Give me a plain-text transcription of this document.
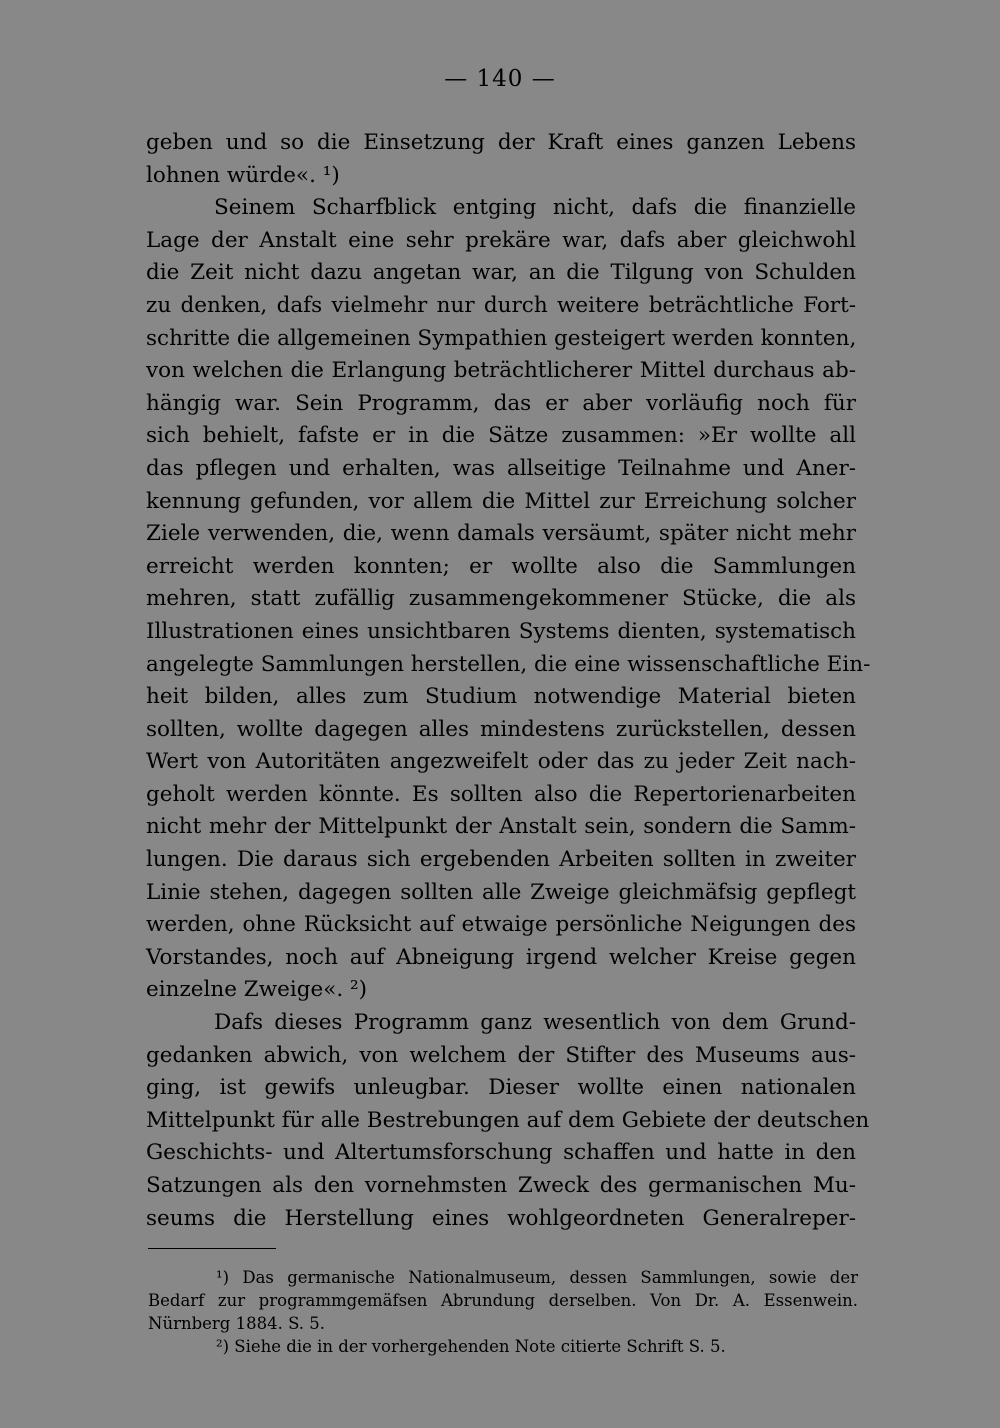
— 140 —
geben und so die Einsetzung der Kraft eines ganzen Lebens
lohnen würde«. ¹)
Seinem Scharfblick entging nicht, dafs die finanzielle
Lage der Anstalt eine sehr prekäre war, dafs aber gleichwohl
die Zeit nicht dazu angetan war, an die Tilgung von Schulden
zu denken, dafs vielmehr nur durch weitere beträchtliche Fort-
schritte die allgemeinen Sympathien gesteigert werden konnten,
von welchen die Erlangung beträchtlicherer Mittel durchaus ab-
hängig war. Sein Programm, das er aber vorläufig noch für
sich behielt, fafste er in die Sätze zusammen: »Er wollte all
das pflegen und erhalten, was allseitige Teilnahme und Aner-
kennung gefunden, vor allem die Mittel zur Erreichung solcher
Ziele verwenden, die, wenn damals versäumt, später nicht mehr
erreicht werden konnten; er wollte also die Sammlungen
mehren, statt zufällig zusammengekommener Stücke, die als
Illustrationen eines unsichtbaren Systems dienten, systematisch
angelegte Sammlungen herstellen, die eine wissenschaftliche Ein-
heit bilden, alles zum Studium notwendige Material bieten
sollten, wollte dagegen alles mindestens zurückstellen, dessen
Wert von Autoritäten angezweifelt oder das zu jeder Zeit nach-
geholt werden könnte. Es sollten also die Repertorienarbeiten
nicht mehr der Mittelpunkt der Anstalt sein, sondern die Samm-
lungen. Die daraus sich ergebenden Arbeiten sollten in zweiter
Linie stehen, dagegen sollten alle Zweige gleichmäfsig gepflegt
werden, ohne Rücksicht auf etwaige persönliche Neigungen des
Vorstandes, noch auf Abneigung irgend welcher Kreise gegen
einzelne Zweige«. ²)
Dafs dieses Programm ganz wesentlich von dem Grund-
gedanken abwich, von welchem der Stifter des Museums aus-
ging, ist gewifs unleugbar. Dieser wollte einen nationalen
Mittelpunkt für alle Bestrebungen auf dem Gebiete der deutschen
Geschichts- und Altertumsforschung schaffen und hatte in den
Satzungen als den vornehmsten Zweck des germanischen Mu-
seums die Herstellung eines wohlgeordneten Generalreper-
¹) Das germanische Nationalmuseum, dessen Sammlungen, sowie der
Bedarf zur programmgemäfsen Abrundung derselben. Von Dr. A. Essenwein.
Nürnberg 1884. S. 5.
²) Siehe die in der vorhergehenden Note citierte Schrift S. 5.
